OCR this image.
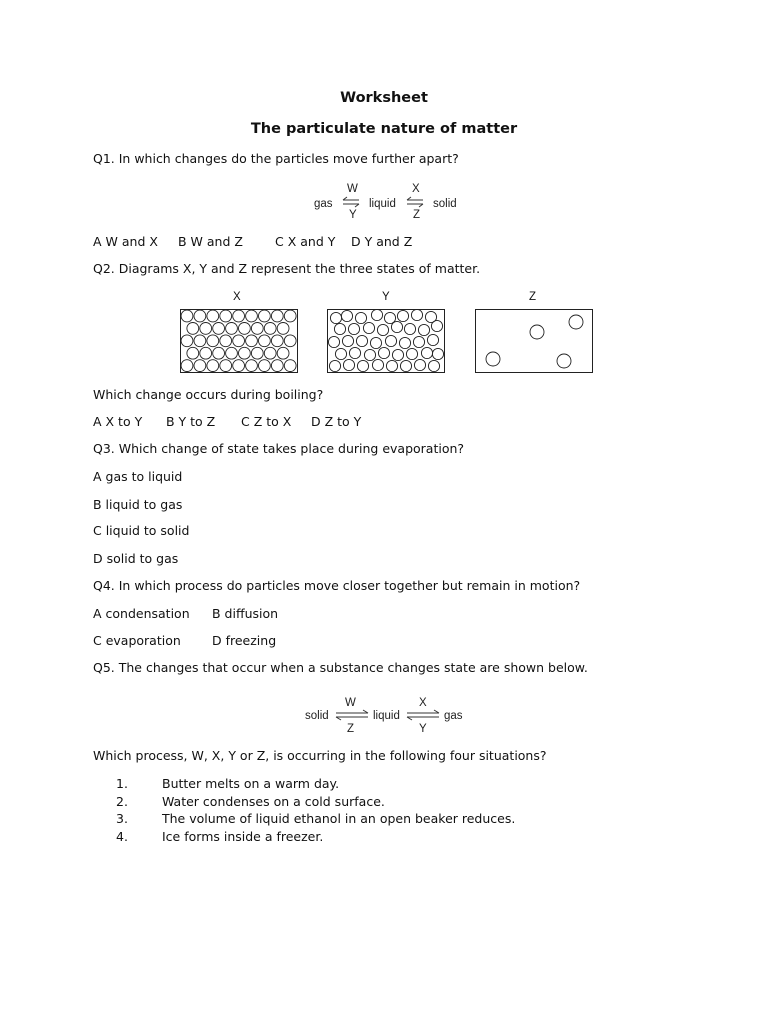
Worksheet
The particulate nature of matter
Q1. In which changes do the particles move further apart?
gas
W
Y
liquid
X
Z
solid
A W and X B W and Z	C X and Y D Y and Z
Q2. Diagrams X, Y and Z represent the three states of matter.
X	Y	Z
Which change occurs during boiling?
A X to Y B Y to Z C Z to X D Z to Y
Q3. Which change of state takes place during evaporation?
A gas to liquid
B liquid to gas
C liquid to solid
D solid to gas
Q4. In which process do particles move closer together but remain in motion?
A condensation B diffusion
C evaporation D freezing
Q5. The changes that occur when a substance changes state are shown below.
solid
W
Z
liquid
X
Y
gas
Which process, W, X, Y or Z, is occurring in the following four situations?
1.	Butter melts on a warm day.
2.	Water condenses on a cold surface.
3.	The volume of liquid ethanol in an open beaker reduces.
4.	Ice forms inside a freezer.
